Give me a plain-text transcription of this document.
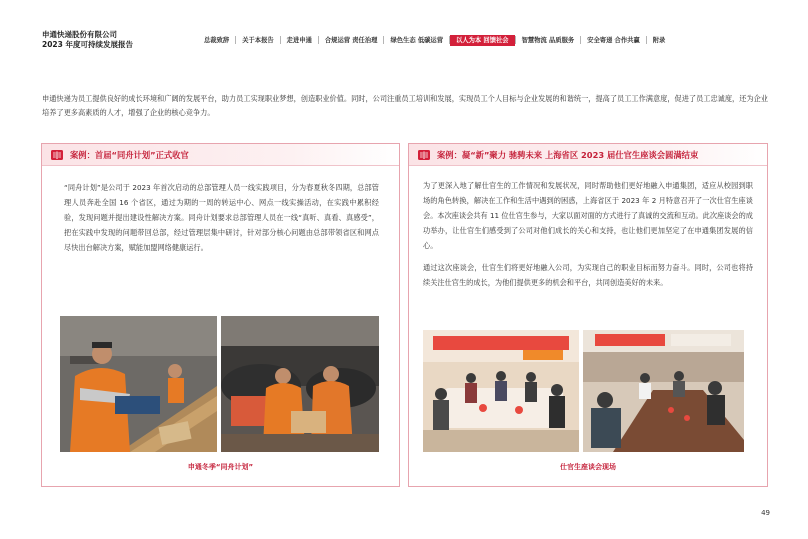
申通快递股份有限公司
2023 年度可持续发展报告	总裁致辞	关于本报告	走进申通	合规运营 责任治理	绿色生态 低碳运营	以人为本 回馈社会	智慧物流 品质服务	安全寄递 合作共赢	附录

申通快递为员工提供良好的成长环境和广阔的发展平台，助力员工实现职业梦想，创造职业价值。同时，公司注重员工培训和发展，实现员工个人目标与企业发展的和谐统一，提高了员工工作满意度，促进了员工忠诚度，还为企业培养了更多高素质的人才，增强了企业的核心竞争力。

案例：首届“同舟计划”正式收官

“同舟计划”是公司于 2023 年首次启动的总部管理人员一线实践项目，分为春夏秋冬四期，总部管理人员奔赴全国 16 个省区，通过为期的一周的转运中心、网点一线实操活动，在实践中累积经验，发现问题并提出建设性解决方案。同舟计划要求总部管理人员在一线“真听、真看、真感受”，把在实践中发现的问题带回总部，经过管理层集中研讨，针对部分核心问题由总部带领省区和网点尽快出台解决方案，赋能加盟网络健康运行。

申通冬季“同舟计划”
案例：凝“新”聚力 驰骋未来 上海省区 2023 届仕官生座谈会圆满结束

为了更深入地了解仕官生的工作情况和发展状况，同时帮助他们更好地融入申通集团，适应从校园到职场的角色转换，解决在工作和生活中遇到的困惑，上海省区于 2023 年 2 月特意召开了一次仕官生座谈会。本次座谈会共有 11 位仕官生参与，大家以面对面的方式进行了真诚的交流和互动。此次座谈会的成功举办，让仕官生们感受到了公司对他们成长的关心和支持，也让他们更加坚定了在申通集团发展的信心。

通过这次座谈会，仕官生们将更好地融入公司，为实现自己的职业目标而努力奋斗。同时，公司也将持续关注仕官生的成长，为他们提供更多的机会和平台，共同创造美好的未来。

仕官生座谈会现场
49
